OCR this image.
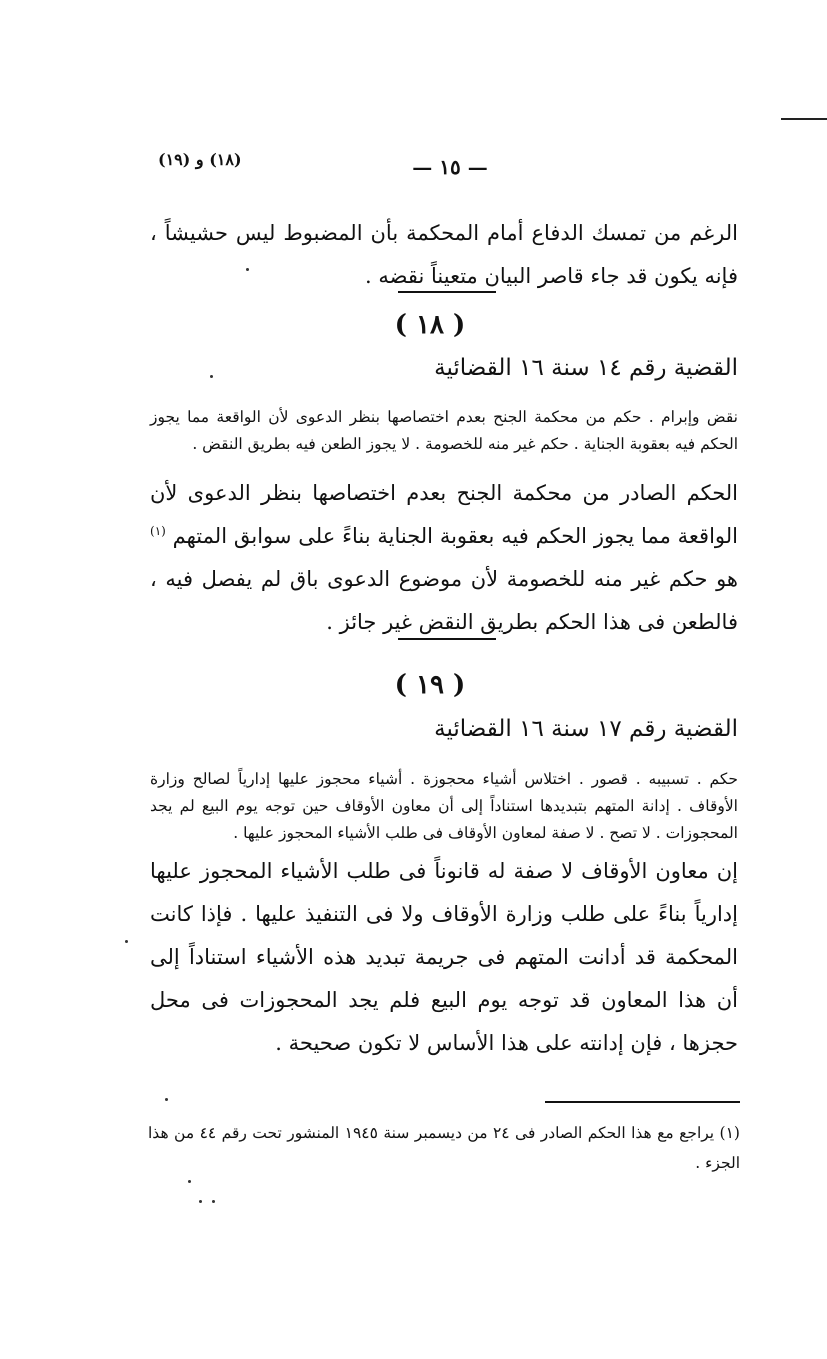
(١٨) و (١٩)	— ١٥ —
الرغم من تمسك الدفاع أمام المحكمة بأن المضبوط ليس حشيشاً ، فإنه يكون قد جاء قاصر البيان متعيناً نقضه .
( ١٨ )
القضية رقم ١٤ سنة ١٦ القضائية
نقض وإبرام . حكم من محكمة الجنح بعدم اختصاصها بنظر الدعوى لأن الواقعة مما يجوز الحكم فيه بعقوبة الجناية . حكم غير منه للخصومة . لا يجوز الطعن فيه بطريق النقض .
الحكم الصادر من محكمة الجنح بعدم اختصاصها بنظر الدعوى لأن الواقعة مما يجوز الحكم فيه بعقوبة الجناية بناءً على سوابق المتهم $^{(١)}$ هو حكم غير منه للخصومة لأن موضوع الدعوى باق لم يفصل فيه ، فالطعن فى هذا الحكم بطريق النقض غير جائز .
( ١٩ )
القضية رقم ١٧ سنة ١٦ القضائية
حكم . تسبيبه . قصور . اختلاس أشياء محجوزة . أشياء محجوز عليها إدارياً لصالح وزارة الأوقاف . إدانة المتهم بتبديدها استناداً إلى أن معاون الأوقاف حين توجه يوم البيع لم يجد المحجوزات . لا تصح . لا صفة لمعاون الأوقاف فى طلب الأشياء المحجوز عليها .
إن معاون الأوقاف لا صفة له قانوناً فى طلب الأشياء المحجوز عليها إدارياً بناءً على طلب وزارة الأوقاف ولا فى التنفيذ عليها . فإذا كانت المحكمة قد أدانت المتهم فى جريمة تبديد هذه الأشياء استناداً إلى أن هذا المعاون قد توجه يوم البيع فلم يجد المحجوزات فى محل حجزها ، فإن إدانته على هذا الأساس لا تكون صحيحة .
(١) يراجع مع هذا الحكم الصادر فى ٢٤ من ديسمبر سنة ١٩٤٥ المنشور تحت رقم ٤٤ من هذا الجزء .
